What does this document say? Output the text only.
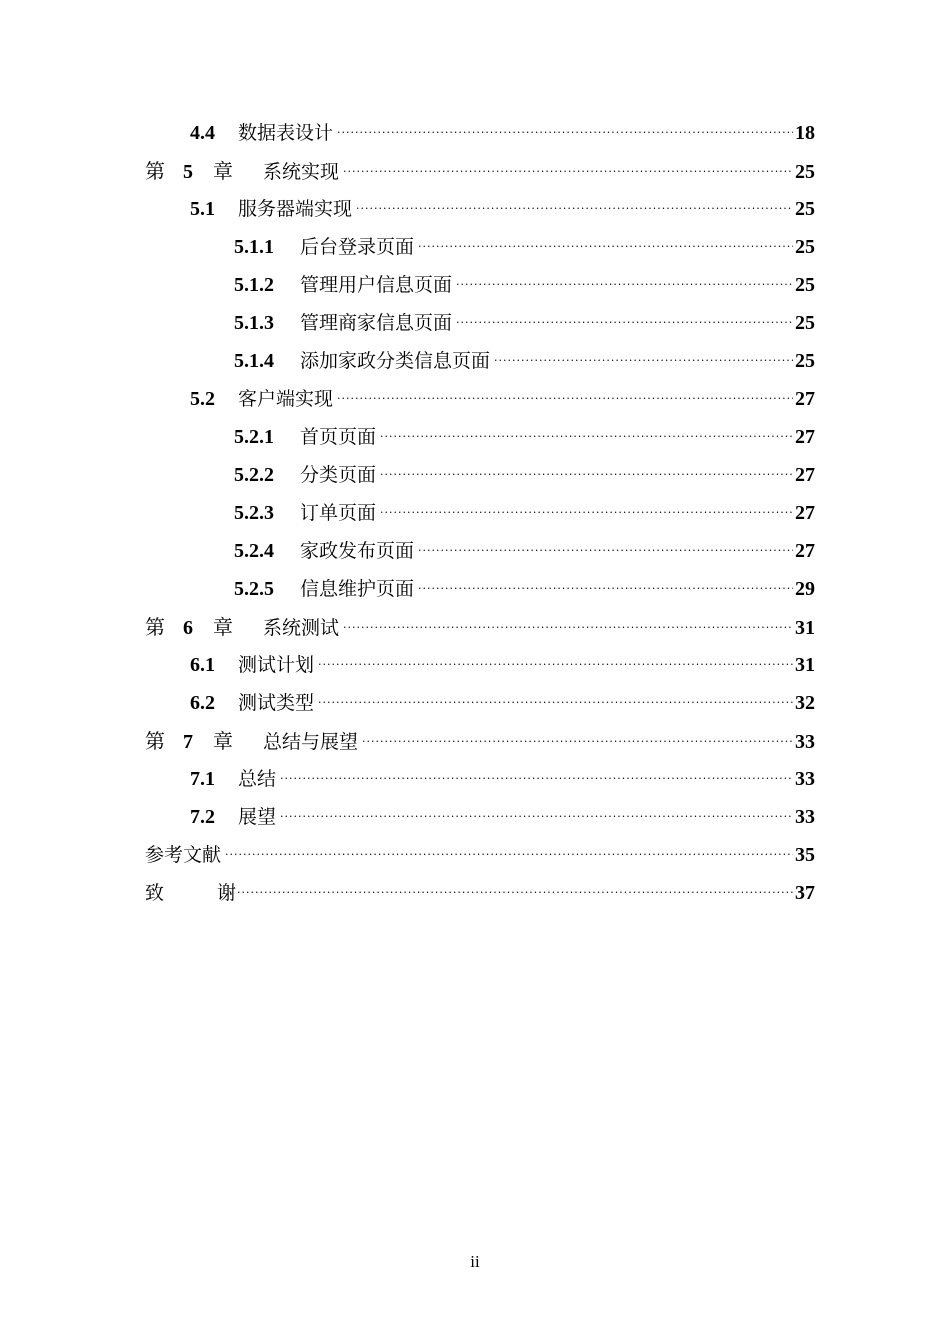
4.4	数据表设计 ·····	18
第 5 章	系统实现 ·····	25
5.1	服务器端实现 ·····	25
5.1.1	后台登录页面 ·····	25
5.1.2	管理用户信息页面 ·····	25
5.1.3	管理商家信息页面 ·····	25
5.1.4	添加家政分类信息页面 ·····	25
5.2	客户端实现 ·····	27
5.2.1	首页页面 ·····	27
5.2.2	分类页面 ·····	27
5.2.3	订单页面 ·····	27
5.2.4	家政发布页面 ·····	27
5.2.5	信息维护页面 ·····	29
第 6 章	系统测试 ·····	31
6.1	测试计划 ·····	31
6.2	测试类型 ·····	32
第 7 章	总结与展望 ·····	33
7.1	总结 ·····	33
7.2	展望 ·····	33
参考文献 ·····	35
致	谢 ·····	37
ii
